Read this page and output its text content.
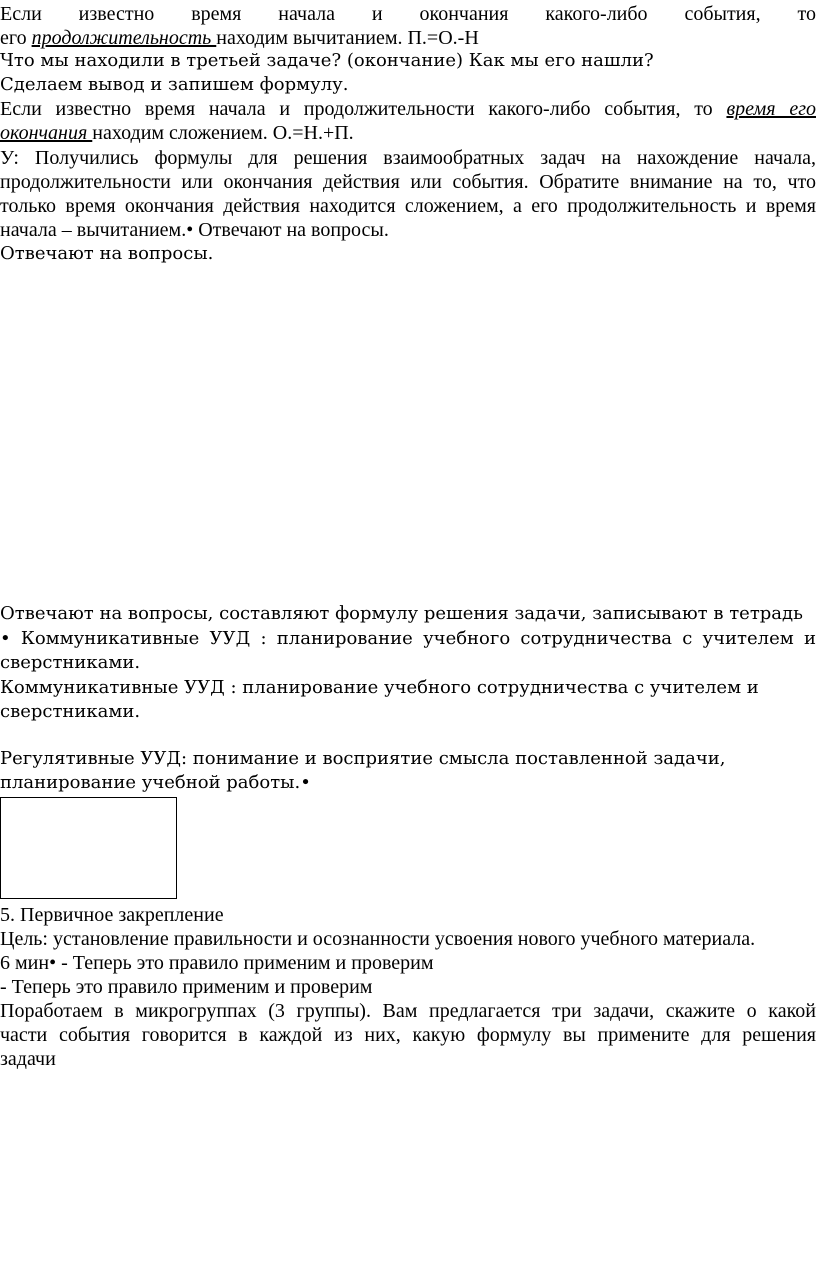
Если известно время начала и окончания какого-либо события, то
его продолжительность находим вычитанием. П.=О.-Н
Что мы находили в третьей задаче? (окончание) Как мы его нашли?
Сделаем вывод и запишем формулу.
Если известно время начала и продолжительности какого-либо события, то время его
окончания находим сложением. О.=Н.+П.
У: Получились формулы для решения взаимообратных задач на нахождение начала,
продолжительности или окончания действия или события. Обратите внимание на то, что
только время окончания действия находится сложением, а его продолжительность и время
начала – вычитанием.• Отвечают на вопросы.
Отвечают на вопросы.
Отвечают на вопросы, составляют формулу решения задачи, записывают в тетрадь
• Коммуникативные УУД : планирование учебного сотрудничества с учителем и
сверстниками.
Коммуникативные УУД : планирование учебного сотрудничества с учителем и
сверстниками.
Регулятивные УУД: понимание и восприятие смысла поставленной задачи,
планирование учебной работы.•
5. Первичное закрепление
Цель: установление правильности и осознанности усвоения нового учебного материала.
6 мин• - Теперь это правило применим и проверим
- Теперь это правило применим и проверим
Поработаем в микрогруппах (3 группы). Вам предлагается три задачи, скажите о какой
части события говорится в каждой из них, какую формулу вы примените для решения
задачи
